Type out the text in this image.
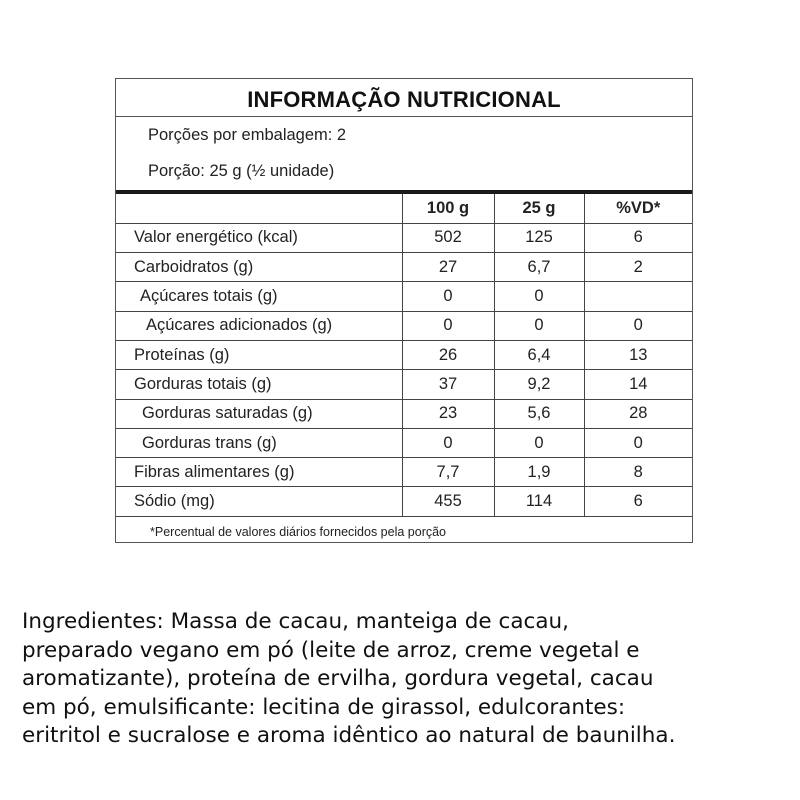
INFORMAÇÃO NUTRICIONAL
Porções por embalagem: 2
Porção: 25 g (½ unidade)
	100 g	25 g	%VD*
Valor energético (kcal)	502	125	6
Carboidratos (g)	27	6,7	2
Açúcares totais (g)	0	0	
Açúcares adicionados (g)	0	0	0
Proteínas (g)	26	6,4	13
Gorduras totais (g)	37	9,2	14
Gorduras saturadas (g)	23	5,6	28
Gorduras trans (g)	0	0	0
Fibras alimentares (g)	7,7	1,9	8
Sódio (mg)	455	114	6
*Percentual de valores diários fornecidos pela porção
Ingredientes: Massa de cacau, manteiga de cacau,
preparado vegano em pó (leite de arroz, creme vegetal e
aromatizante), proteína de ervilha, gordura vegetal, cacau
em pó, emulsificante: lecitina de girassol, edulcorantes:
eritritol e sucralose e aroma idêntico ao natural de baunilha.
